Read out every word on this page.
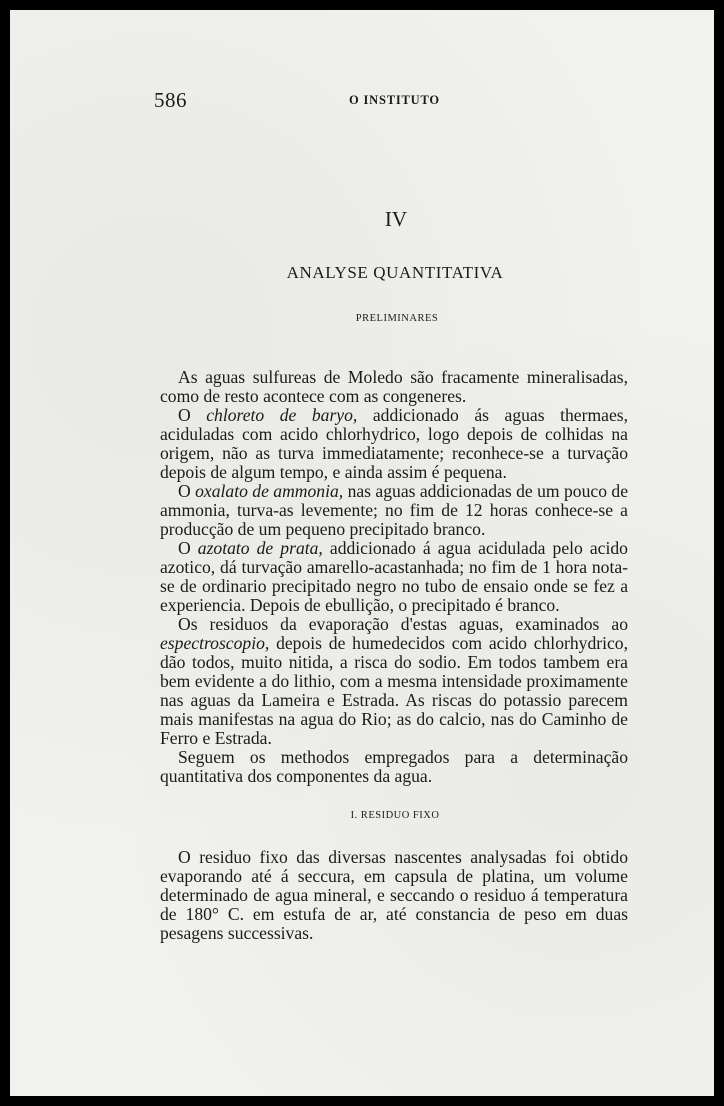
586	O INSTITUTO
IV
ANALYSE QUANTITATIVA
PRELIMINARES

As aguas sulfureas de Moledo são fracamente mineralisadas, como de resto acontece com as congeneres.

O chloreto de baryo, addicionado ás aguas thermaes, aciduladas com acido chlorhydrico, logo depois de colhidas na origem, não as turva immediatamente; reconhece-se a turvação depois de algum tempo, e ainda assim é pequena.

O oxalato de ammonia, nas aguas addicionadas de um pouco de ammonia, turva-as levemente; no fim de 12 horas conhece-se a producção de um pequeno precipitado branco.

O azotato de prata, addicionado á agua acidulada pelo acido azotico, dá turvação amarello-acastanhada; no fim de 1 hora nota-se de ordinario precipitado negro no tubo de ensaio onde se fez a experiencia. Depois de ebullição, o precipitado é branco.

Os residuos da evaporação d'estas aguas, examinados ao espectroscopio, depois de humedecidos com acido chlorhydrico, dão todos, muito nitida, a risca do sodio. Em todos tambem era bem evidente a do lithio, com a mesma intensidade proximamente nas aguas da Lameira e Estrada. As riscas do potassio parecem mais manifestas na agua do Rio; as do calcio, nas do Caminho de Ferro e Estrada.

Seguem os methodos empregados para a determinação quantitativa dos componentes da agua.

I. RESIDUO FIXO

O residuo fixo das diversas nascentes analysadas foi obtido evaporando até á seccura, em capsula de platina, um volume determinado de agua mineral, e seccando o residuo á temperatura de 180° C. em estufa de ar, até constancia de peso em duas pesagens successivas.
